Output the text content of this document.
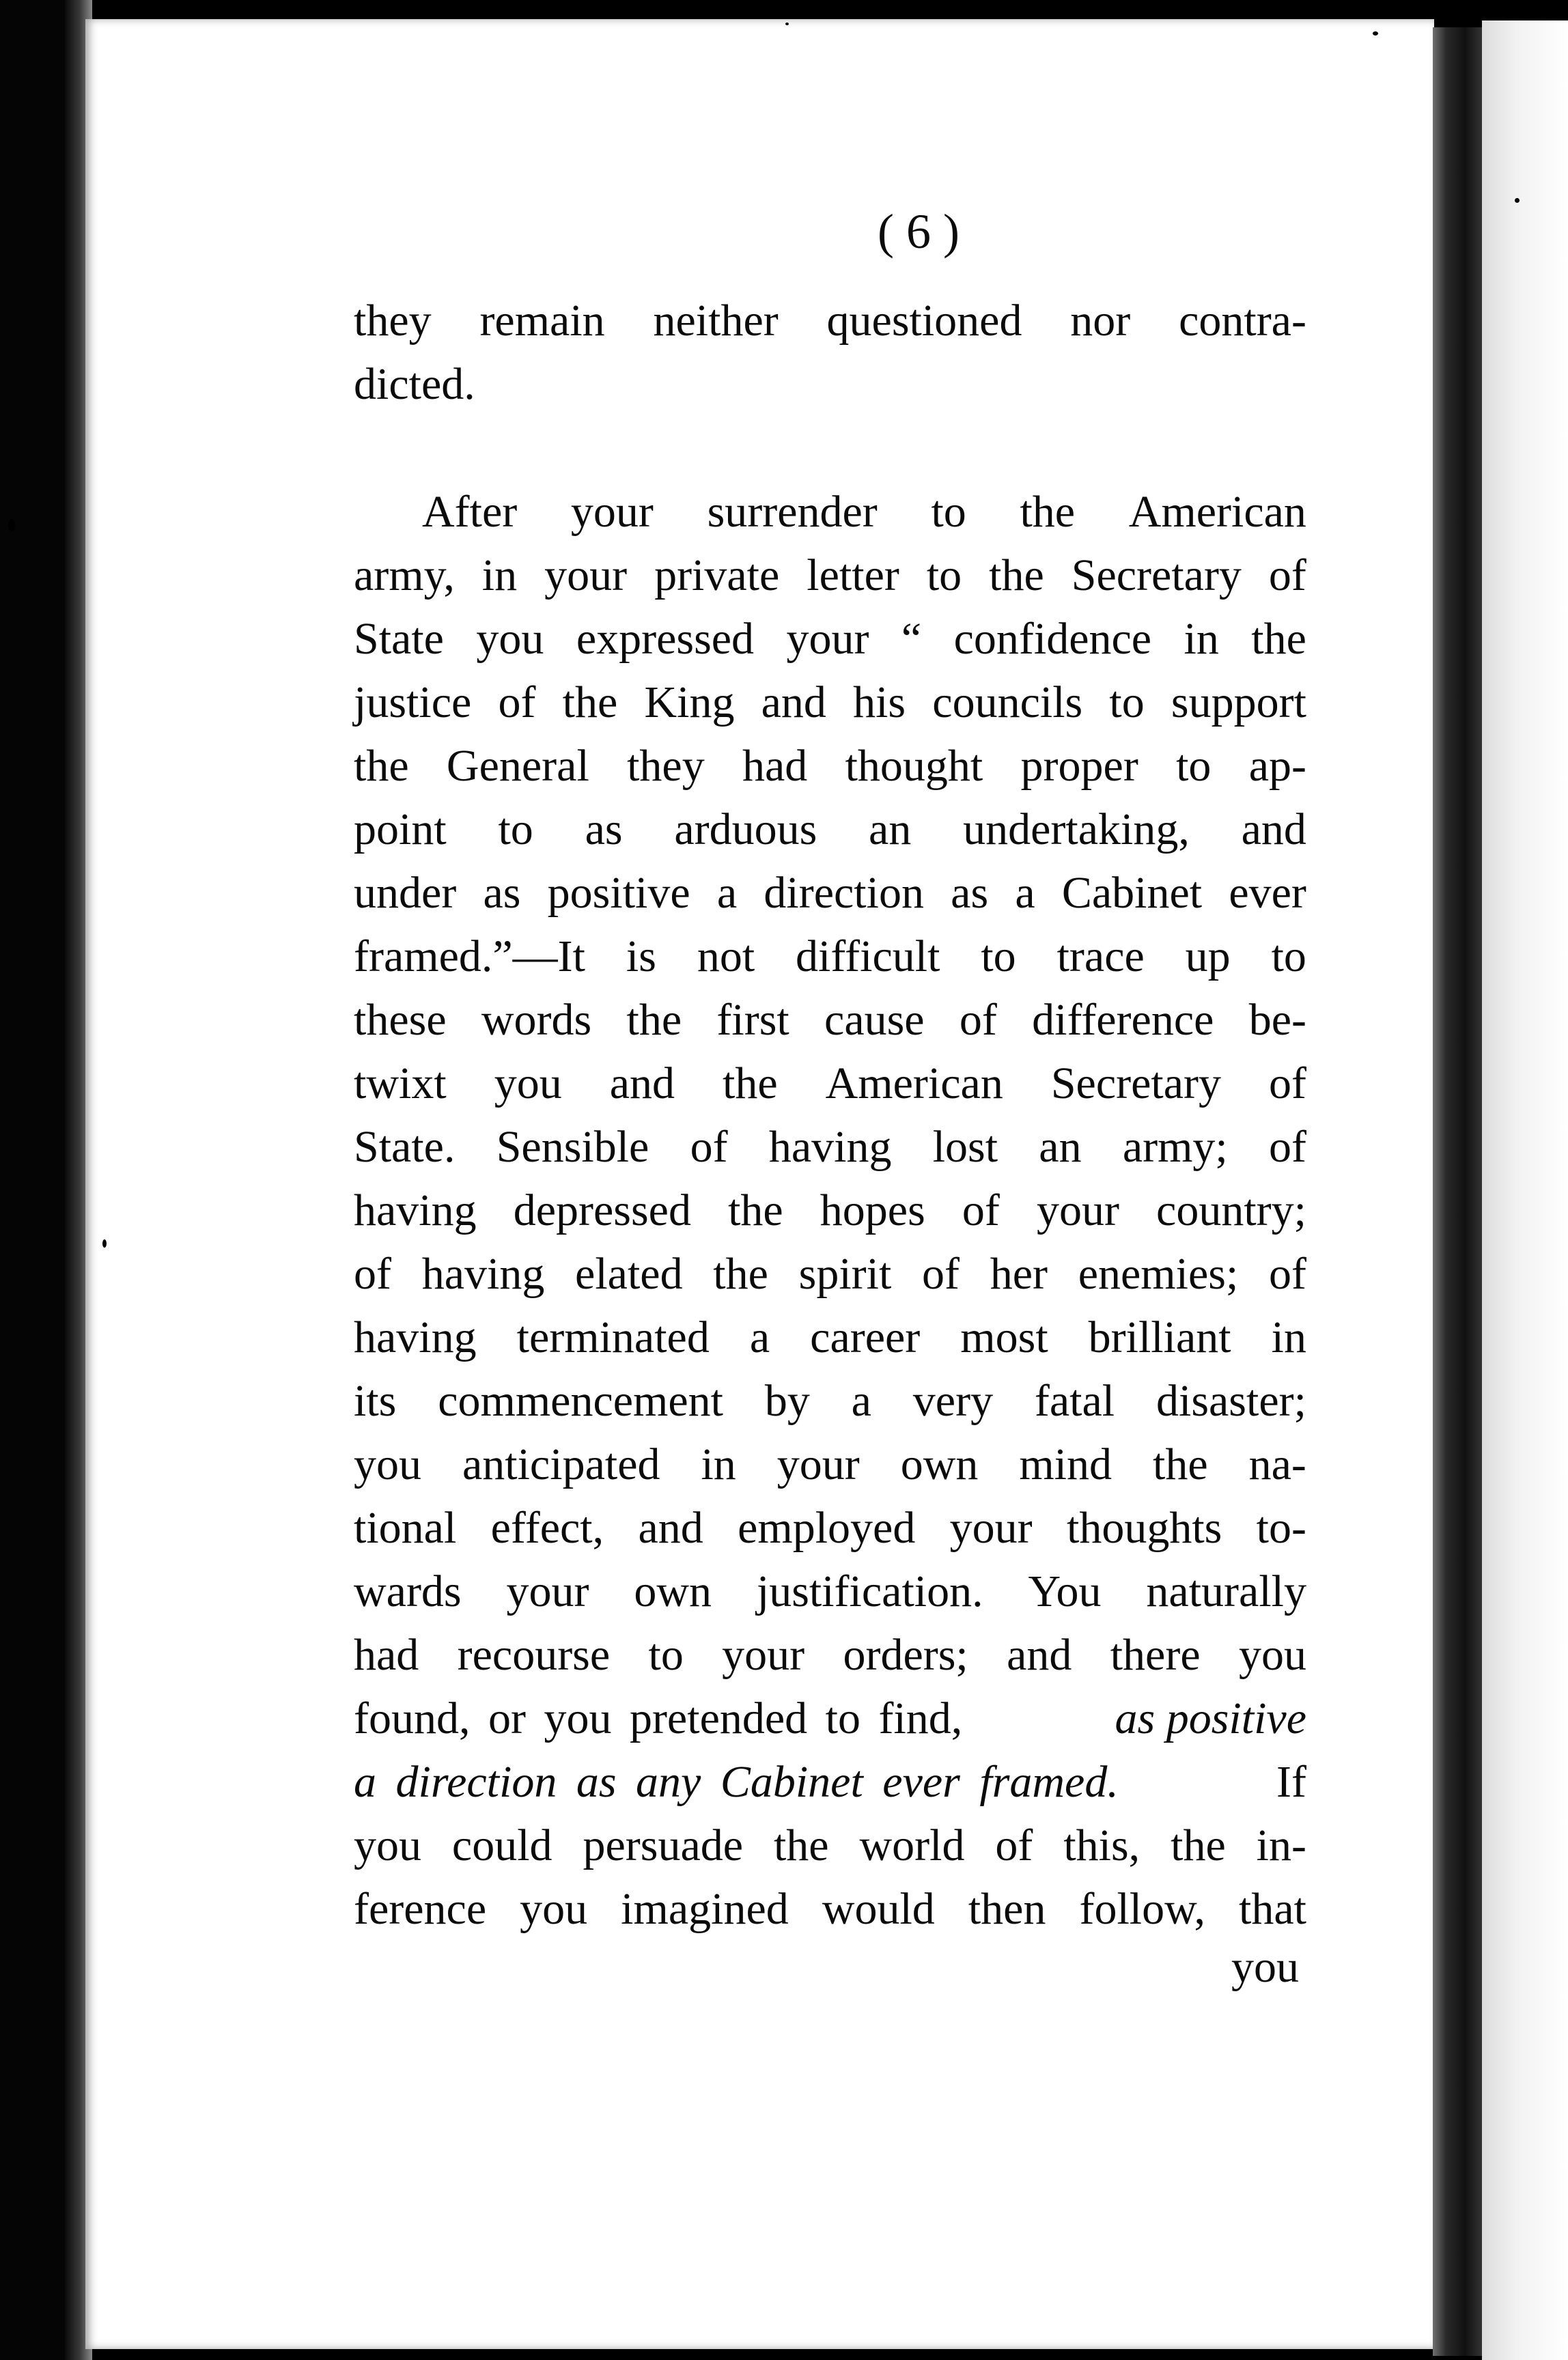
( 6 )
they remain neither questioned nor contra-
dicted.
After your surrender to the American
army, in your private letter to the Secretary of
State you expressed your “ confidence in the
justice of the King and his councils to support
the General they had thought proper to ap-
point to as arduous an undertaking, and
under as positive a direction as a Cabinet ever
framed.”—It is not difficult to trace up to
these words the first cause of difference be-
twixt you and the American Secretary of
State. Sensible of having lost an army; of
having depressed the hopes of your country;
of having elated the spirit of her enemies; of
having terminated a career most brilliant in
its commencement by a very fatal disaster;
you anticipated in your own mind the na-
tional effect, and employed your thoughts to-
wards your own justification. You naturally
had recourse to your orders; and there you
found, or you pretended to find,	as positive
a direction as any Cabinet ever framed.	If
you could persuade the world of this, the in-
ference you imagined would then follow, that
you
